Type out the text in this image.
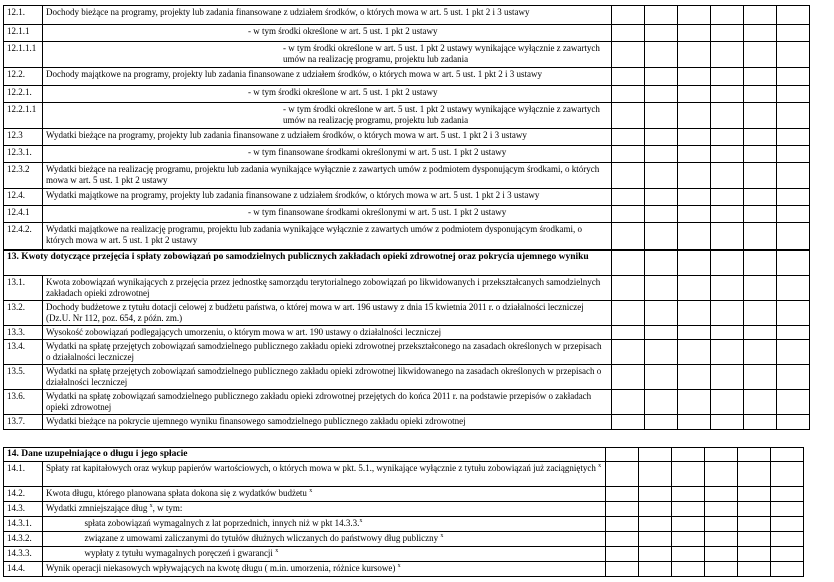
12.1.	Dochody bieżące na programy, projekty lub zadania finansowane z udziałem środków, o których mowa w art. 5 ust. 1 pkt 2 i 3 ustawy						
12.1.1	- w tym środki określone w art. 5 ust. 1 pkt 2 ustawy						
12.1.1.1	- w tym środki określone w art. 5 ust. 1 pkt 2 ustawy wynikające wyłącznie z zawartych umów na realizację programu, projektu lub zadania						
12.2.	Dochody majątkowe na programy, projekty lub zadania finansowane z udziałem środków, o których mowa w art. 5 ust. 1 pkt 2 i 3 ustawy						
12.2.1.	- w tym środki określone w art. 5 ust. 1 pkt 2 ustawy						
12.2.1.1	- w tym środki określone w art. 5 ust. 1 pkt 2 ustawy wynikające wyłącznie z zawartych umów na realizację programu, projektu lub zadania						
12.3	Wydatki bieżące na programy, projekty lub zadania finansowane z udziałem środków, o których mowa w art. 5 ust. 1 pkt 2 i 3 ustawy						
12.3.1.	- w tym finansowane środkami określonymi w art. 5 ust. 1 pkt 2 ustawy						
12.3.2	Wydatki bieżące na realizację programu, projektu lub zadania wynikające wyłącznie z zawartych umów z podmiotem dysponującym środkami, o których mowa w art. 5 ust. 1 pkt 2 ustawy						
12.4.	Wydatki majątkowe na programy, projekty lub zadania finansowane z udziałem środków, o których mowa w art. 5 ust. 1 pkt 2 i 3 ustawy						
12.4.1	- w tym finansowane środkami określonymi w art. 5 ust. 1 pkt 2 ustawy						
12.4.2.	Wydatki majątkowe na realizację programu, projektu lub zadania wynikające wyłącznie z zawartych umów z podmiotem dysponującym środkami, o których mowa w art. 5 ust. 1 pkt 2 ustawy						
13. Kwoty dotyczące przejęcia i spłaty zobowiązań po samodzielnych publicznych zakładach opieki zdrowotnej oraz pokrycia ujemnego wyniku							
13.1.	Kwota zobowiązań wynikających z przejęcia przez jednostkę samorządu terytorialnego zobowiązań po likwidowanych i przekształcanych samodzielnych zakładach opieki zdrowotnej						
13.2.	Dochody budżetowe z tytułu dotacji celowej z budżetu państwa, o której mowa w art. 196 ustawy z dnia 15 kwietnia 2011 r. o działalności leczniczej (Dz.U. Nr 112, poz. 654, z późn. zm.)						
13.3.	Wysokość zobowiązań podlegających umorzeniu, o którym mowa w art. 190 ustawy o działalności leczniczej						
13.4.	Wydatki na spłatę przejętych zobowiązań samodzielnego publicznego zakładu opieki zdrowotnej przekształconego na zasadach określonych w przepisach o działalności leczniczej						
13.5.	Wydatki na spłatę przejętych zobowiązań samodzielnego publicznego zakładu opieki zdrowotnej likwidowanego na zasadach określonych w przepisach o działalności leczniczej						
13.6.	Wydatki na spłatę zobowiązań samodzielnego publicznego zakładu opieki zdrowotnej przejętych do końca 2011 r. na podstawie przepisów o zakładach opieki zdrowotnej						
13.7.	Wydatki bieżące na pokrycie ujemnego wyniku finansowego samodzielnego publicznego zakładu opieki zdrowotnej						
14. Dane uzupełniające o długu i jego spłacie								
14.1.	Spłaty rat kapitałowych oraz wykup papierów wartościowych, o których mowa w pkt. 5.1., wynikające wyłącznie z tytułu zobowiązań już zaciągniętych $^x$						
14.2.	Kwota długu, którego planowana spłata dokona się z wydatków budżetu $^x$						
14.3.	Wydatki zmniejszające dług $^x$, w tym:							
14.3.1.		spłata zobowiązań wymagalnych z lat poprzednich, innych niż w pkt 14.3.3.$^x$						
14.3.2.		związane z umowami zaliczanymi do tytułów dłużnych wliczanych do państwowy dług publiczny $^x$						
14.3.3.		wypłaty z tytułu wymagalnych poręczeń i gwarancji $^x$						
14.4.	Wynik operacji niekasowych wpływających na kwotę długu ( m.in. umorzenia, różnice kursowe) $^x$						
